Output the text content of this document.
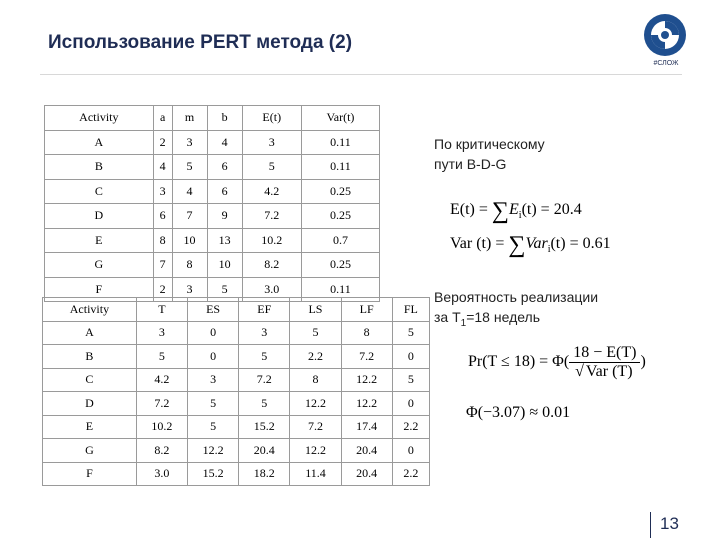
Использование PERT метода (2)
#СЛОЖ
Activity	a	m	b	E(t)	Var(t)
A	2	3	4	3	0.11
B	4	5	6	5	0.11
C	3	4	6	4.2	0.25
D	6	7	9	7.2	0.25
E	8	10	13	10.2	0.7
G	7	8	10	8.2	0.25
F	2	3	5	3.0	0.11
Activity	T	ES	EF	LS	LF	FL
A	3	0	3	5	8	5
B	5	0	5	2.2	7.2	0
C	4.2	3	7.2	8	12.2	5
D	7.2	5	5	12.2	12.2	0
E	10.2	5	15.2	7.2	17.4	2.2
G	8.2	12.2	20.4	12.2	20.4	0
F	3.0	15.2	18.2	11.4	20.4	2.2
По критическому
пути B-D-G
$E(t) = \sum E_i(t) = 20.4$
Var (t) = ∑Var$_i$(t) = 0.61
Вероятность реализации
за $T_1=18$ недель
$Pr(T \le 18) = \Phi( \frac{18 - E(T)}{\text{√ Var (T)}}$ )
Φ(−3.07) ≈ 0.01
13
